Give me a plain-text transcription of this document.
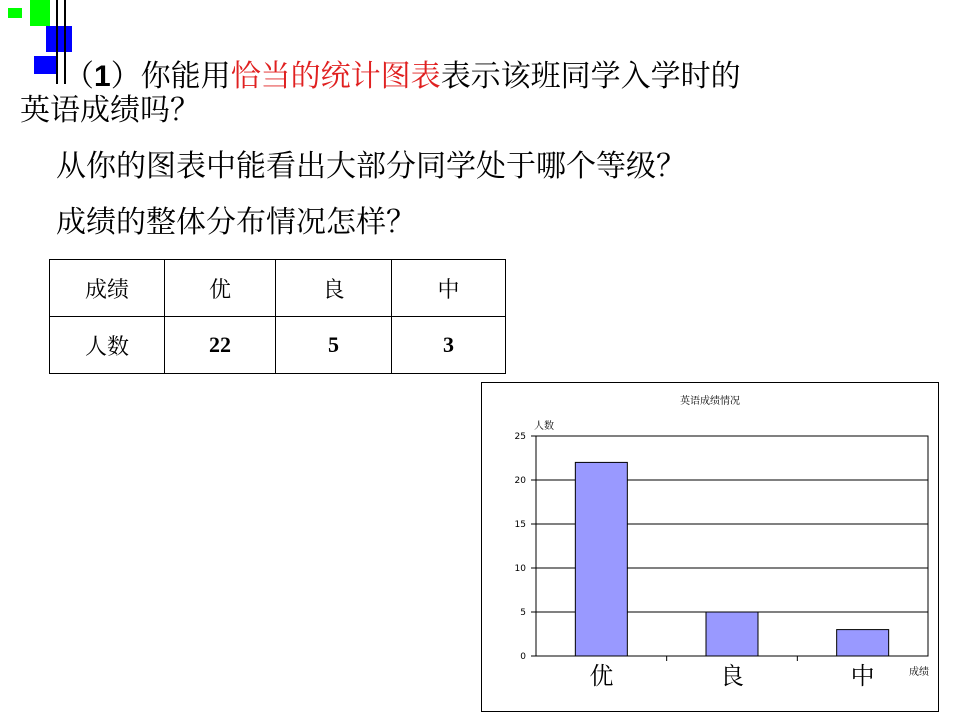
（1）你能用恰当的统计图表表示该班同学入学时的
英语成绩吗？
从你的图表中能看出大部分同学处于哪个等级？
成绩的整体分布情况怎样？
成绩	优	良	中
人数	22	5	3
英语成绩情况
人数
成绩
0
5
10
15
20
25
优	良	中
